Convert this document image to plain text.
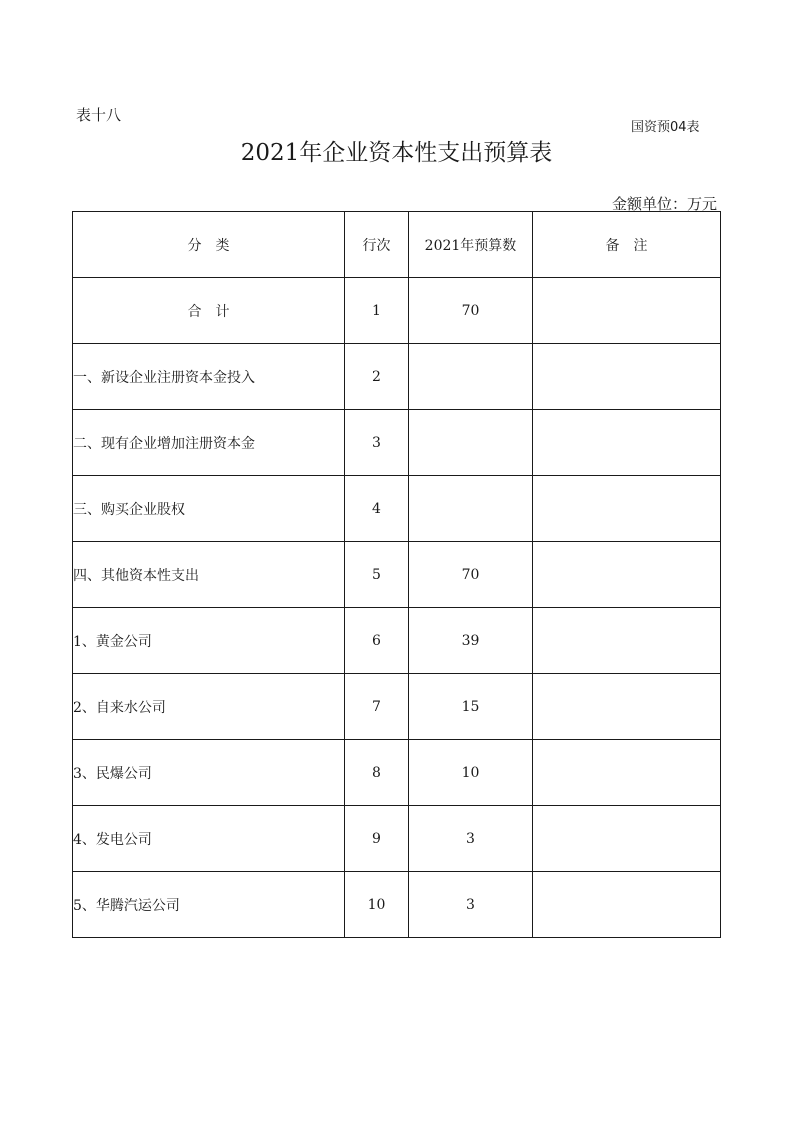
表十八
国资预04表
2021年企业资本性支出预算表
金额单位：万元
分　类	行次	2021年预算数	备　注
合　计	1	70	
一、新设企业注册资本金投入	2		
二、现有企业增加注册资本金	3		
三、购买企业股权	4		
四、其他资本性支出	5	70	
1、黄金公司	6	39	
2、自来水公司	7	15	
3、民爆公司	8	10	
4、发电公司	9	3	
5、华腾汽运公司	10	3	
